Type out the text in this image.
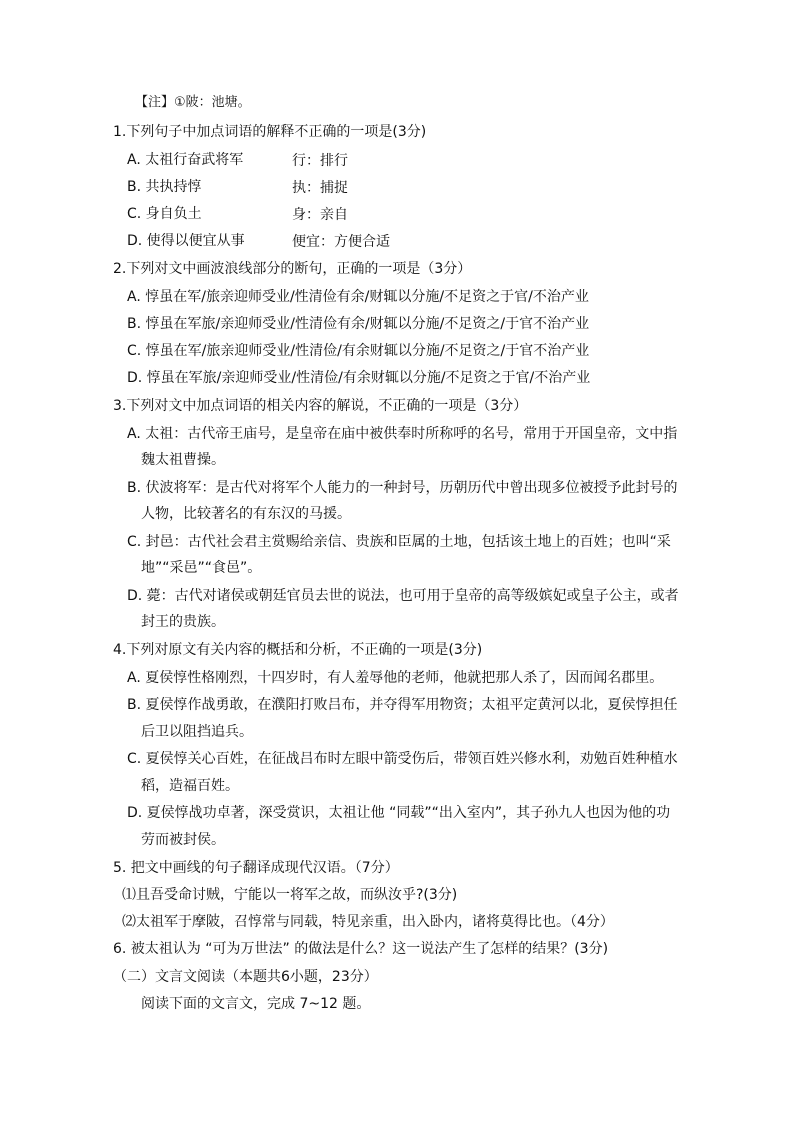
【注】①陂：池塘。
1.下列句子中加点词语的解释不正确的一项是(3分)
A. 太祖行奋武将军	行：排行
B. 共执持惇	执：捕捉
C. 身自负土	身：亲自
D. 使得以便宜从事	便宜：方便合适
2.下列对文中画波浪线部分的断句，正确的一项是（3分）
A. 惇虽在军/旅亲迎师受业/性清俭有余/财辄以分施/不足资之于官/不治产业
B. 惇虽在军旅/亲迎师受业/性清俭有余/财辄以分施/不足资之/于官不治产业
C. 惇虽在军/旅亲迎师受业/性清俭/有余财辄以分施/不足资之/于官不治产业
D. 惇虽在军旅/亲迎师受业/性清俭/有余财辄以分施/不足资之于官/不治产业
3.下列对文中加点词语的相关内容的解说，不正确的一项是（3分）
A. 太祖：古代帝王庙号，是皇帝在庙中被供奉时所称呼的名号，常用于开国皇帝，文中指
魏太祖曹操。
B. 伏波将军：是古代对将军个人能力的一种封号，历朝历代中曾出现多位被授予此封号的
人物，比较著名的有东汉的马援。
C. 封邑：古代社会君主赏赐给亲信、贵族和臣属的土地，包括该土地上的百姓；也叫“采
地”“采邑”“食邑”。
D. 薨：古代对诸侯或朝廷官员去世的说法，也可用于皇帝的高等级嫔妃或皇子公主，或者
封王的贵族。
4.下列对原文有关内容的概括和分析，不正确的一项是(3分)
A. 夏侯惇性格刚烈，十四岁时，有人羞辱他的老师，他就把那人杀了，因而闻名郡里。
B. 夏侯惇作战勇敢，在濮阳打败吕布，并夺得军用物资；太祖平定黄河以北，夏侯惇担任
后卫以阻挡追兵。
C. 夏侯惇关心百姓，在征战吕布时左眼中箭受伤后，带领百姓兴修水利，劝勉百姓种植水
稻，造福百姓。
D. 夏侯惇战功卓著，深受赏识，太祖让他 “同载”“出入室内”，其子孙九人也因为他的功
劳而被封侯。
5. 把文中画线的句子翻译成现代汉语。（7分）
⑴且吾受命讨贼，宁能以一将军之故，而纵汝乎?(3分)
⑵太祖军于摩陂，召惇常与同载，特见亲重，出入卧内，诸将莫得比也。（4分）
6. 被太祖认为 “可为万世法” 的做法是什么？这一说法产生了怎样的结果？(3分)
（二）文言文阅读（本题共6小题，23分）
阅读下面的文言文，完成 7~12 题。
